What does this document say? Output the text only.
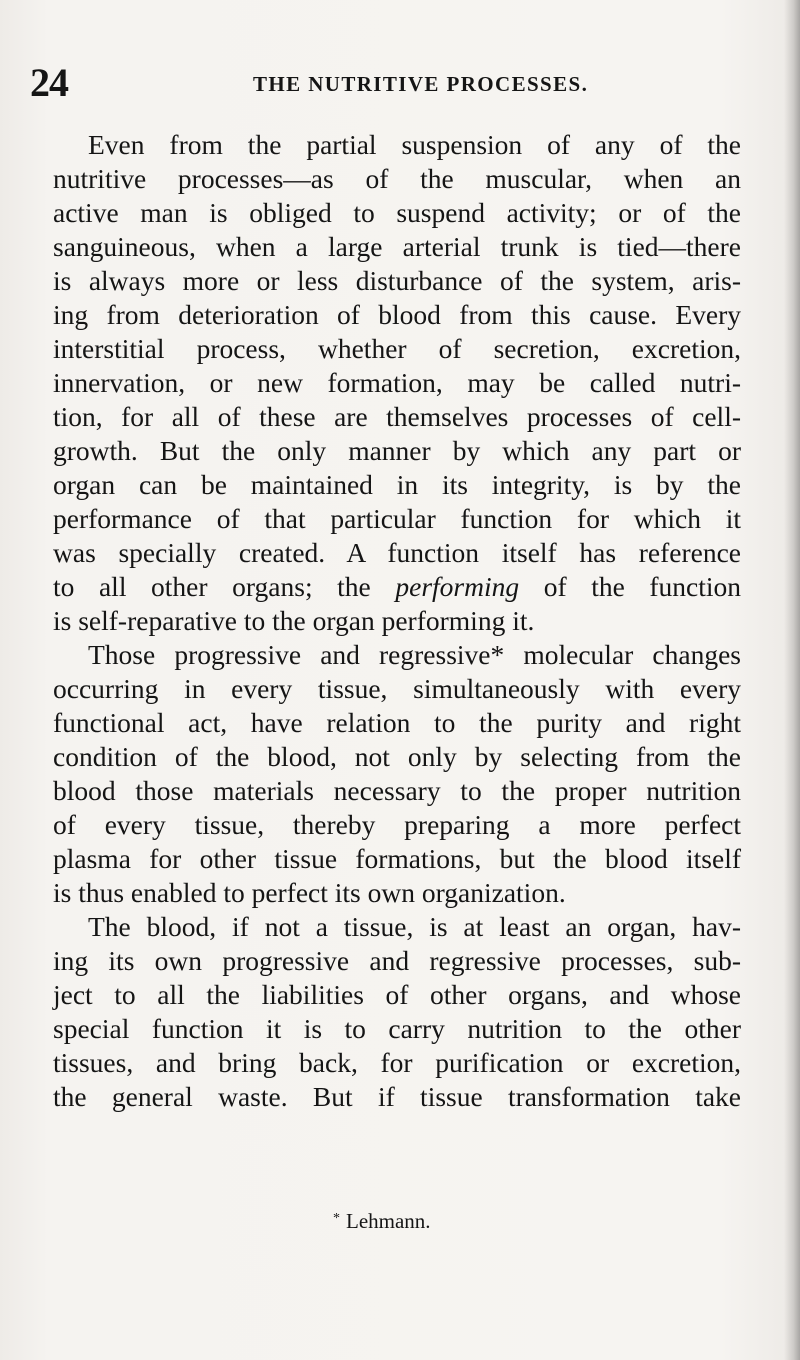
24	THE NUTRITIVE PROCESSES.
Even from the partial suspension of any of the
nutritive processes—as of the muscular, when an
active man is obliged to suspend activity; or of the
sanguineous, when a large arterial trunk is tied—there
is always more or less disturbance of the system, aris-
ing from deterioration of blood from this cause. Every
interstitial process, whether of secretion, excretion,
innervation, or new formation, may be called nutri-
tion, for all of these are themselves processes of cell-
growth. But the only manner by which any part or
organ can be maintained in its integrity, is by the
performance of that particular function for which it
was specially created. A function itself has reference
to all other organs; the performing of the function
is self-reparative to the organ performing it.
Those progressive and regressive* molecular changes
occurring in every tissue, simultaneously with every
functional act, have relation to the purity and right
condition of the blood, not only by selecting from the
blood those materials necessary to the proper nutrition
of every tissue, thereby preparing a more perfect
plasma for other tissue formations, but the blood itself
is thus enabled to perfect its own organization.
The blood, if not a tissue, is at least an organ, hav-
ing its own progressive and regressive processes, sub-
ject to all the liabilities of other organs, and whose
special function it is to carry nutrition to the other
tissues, and bring back, for purification or excretion,
the general waste. But if tissue transformation take
* Lehmann.
